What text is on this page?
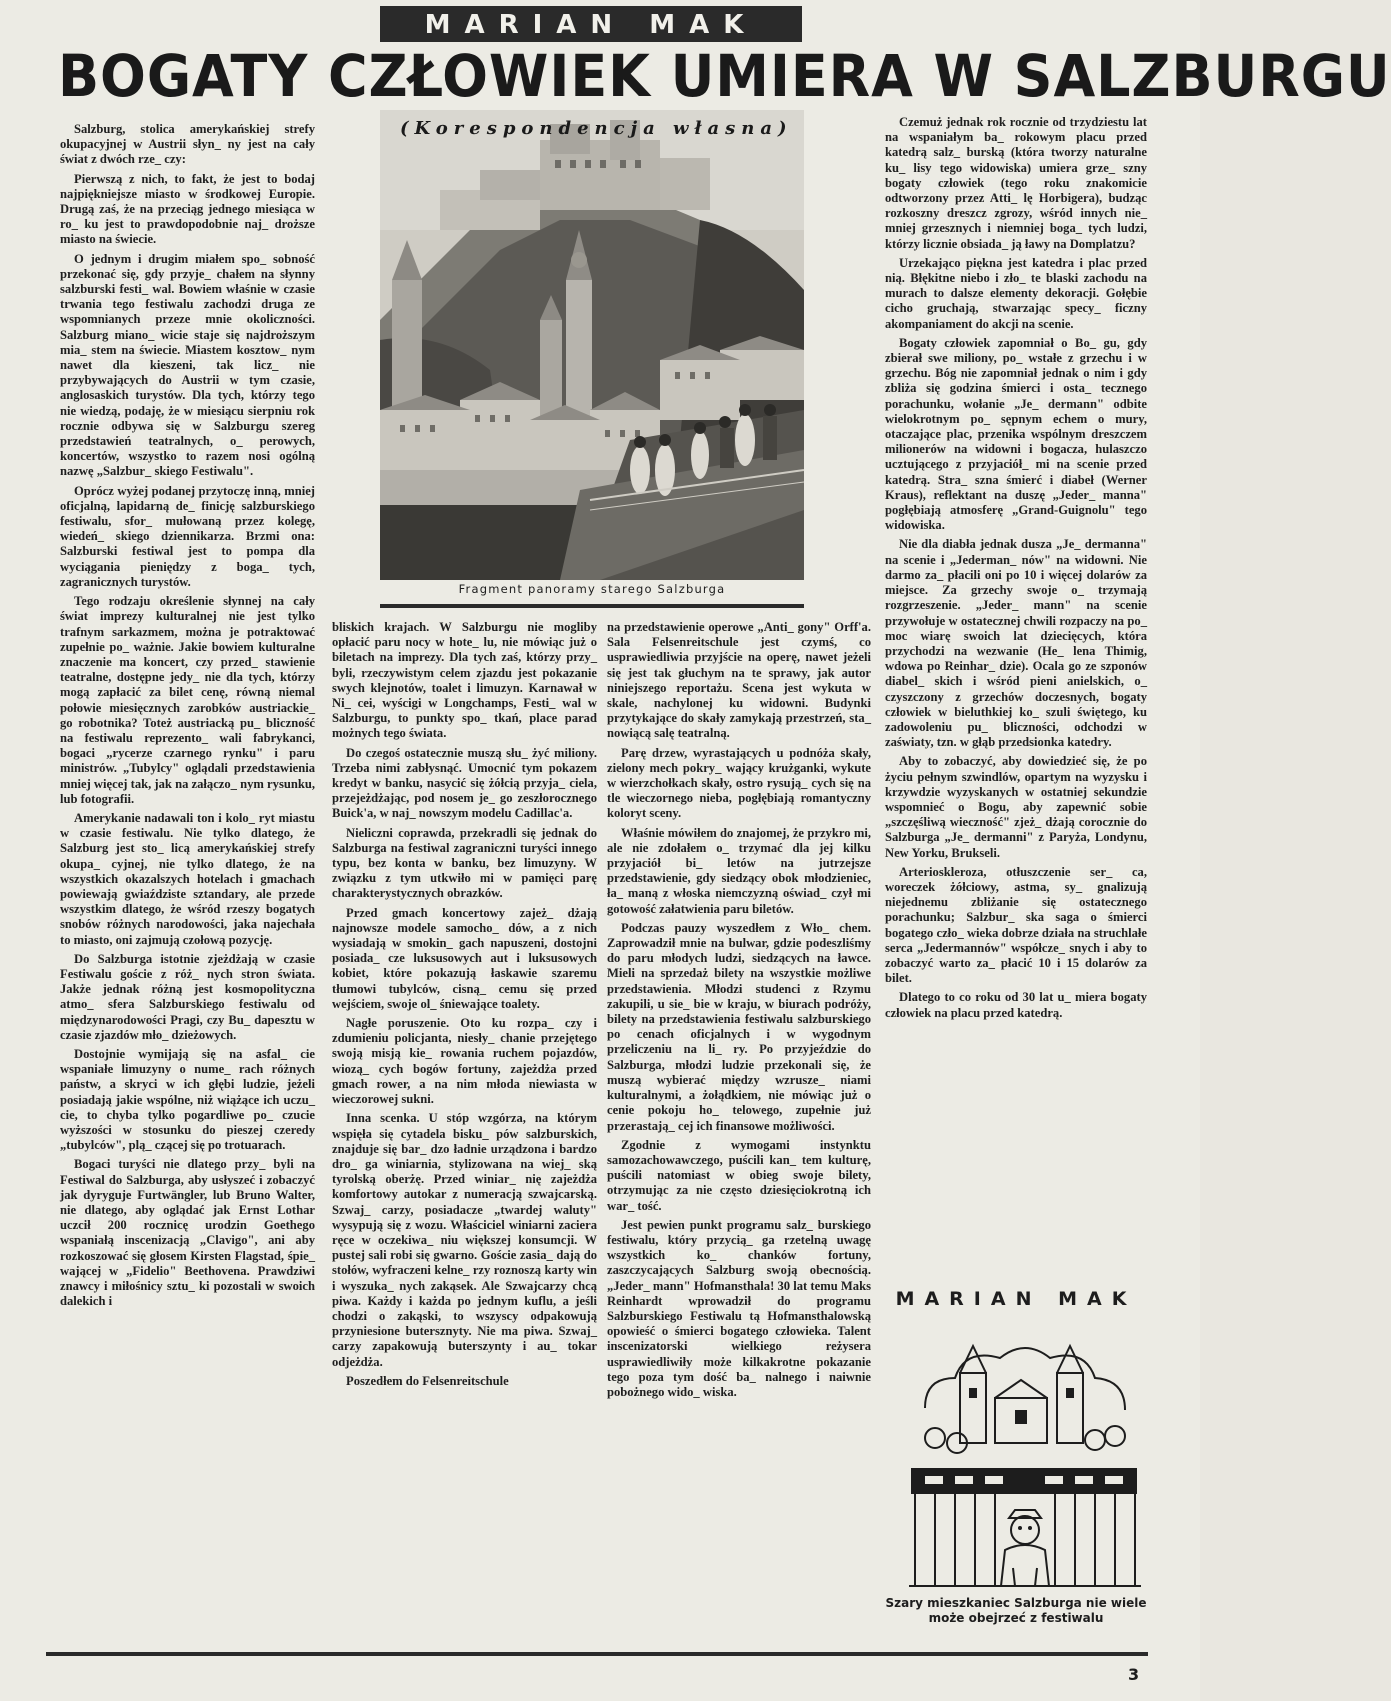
MARIAN MAK
BOGATY CZŁOWIEK UMIERA W SALZBURGU
(Korespondencja własna)
Fragment panoramy starego Salzburga

Salzburg, stolica amerykańskiej strefy okupacyjnej w Austrii słyn_ ny jest na cały świat z dwóch rze_ czy:

Pierwszą z nich, to fakt, że jest to bodaj najpiękniejsze miasto w środkowej Europie. Drugą zaś, że na przeciąg jednego miesiąca w ro_ ku jest to prawdopodobnie naj_ droższe miasto na świecie.

O jednym i drugim miałem spo_ sobność przekonać się, gdy przyje_ chałem na słynny salzburski festi_ wal. Bowiem właśnie w czasie trwania tego festiwalu zachodzi druga ze wspomnianych przeze mnie okoliczności. Salzburg miano_ wicie staje się najdroższym mia_ stem na świecie. Miastem kosztow_ nym nawet dla kieszeni, tak licz_ nie przybywających do Austrii w tym czasie, anglosaskich turystów. Dla tych, którzy tego nie wiedzą, podaję, że w miesiącu sierpniu rok rocznie odbywa się w Salzburgu szereg przedstawień teatralnych, o_ perowych, koncertów, wszystko to razem nosi ogólną nazwę „Salzbur_ skiego Festiwalu".

Oprócz wyżej podanej przytoczę inną, mniej oficjalną, lapidarną de_ finicję salzburskiego festiwalu, sfor_ mułowaną przez kolegę, wiedeń_ skiego dziennikarza. Brzmi ona: Salzburski festiwal jest to pompa dla wyciągania pieniędzy z boga_ tych, zagranicznych turystów.

Tego rodzaju określenie słynnej na cały świat imprezy kulturalnej nie jest tylko trafnym sarkazmem, można je potraktować zupełnie po_ ważnie. Jakie bowiem kulturalne znaczenie ma koncert, czy przed_ stawienie teatralne, dostępne jedy_ nie dla tych, którzy mogą zapłacić za bilet cenę, równą niemal połowie miesięcznych zarobków austriackie_ go robotnika? Toteż austriacką pu_ bliczność na festiwalu reprezento_ wali fabrykanci, bogaci „rycerze czarnego rynku" i paru ministrów. „Tubylcy" oglądali przedstawienia mniej więcej tak, jak na załączo_ nym rysunku, lub fotografii.

Amerykanie nadawali ton i kolo_ ryt miastu w czasie festiwalu. Nie tylko dlatego, że Salzburg jest sto_ licą amerykańskiej strefy okupa_ cyjnej, nie tylko dlatego, że na wszystkich okazalszych hotelach i gmachach powiewają gwiaździste sztandary, ale przede wszystkim dlatego, że wśród rzeszy bogatych snobów różnych narodowości, jaka najechała to miasto, oni zajmują czołową pozycję.

Do Salzburga istotnie zjeżdżają w czasie Festiwalu goście z róż_ nych stron świata. Jakże jednak różną jest kosmopolityczna atmo_ sfera Salzburskiego festiwalu od międzynarodowości Pragi, czy Bu_ dapesztu w czasie zjazdów mło_ dzieżowych.

Dostojnie wymijają się na asfal_ cie wspaniałe limuzyny o nume_ rach różnych państw, a skryci w ich głębi ludzie, jeżeli posiadają jakie wspólne, niż wiążące ich uczu_ cie, to chyba tylko pogardliwe po_ czucie wyższości w stosunku do pieszej czeredy „tubylców", plą_ czącej się po trotuarach.

Bogaci turyści nie dlatego przy_ byli na Festiwal do Salzburga, aby usłyszeć i zobaczyć jak dyryguje Furtwängler, lub Bruno Walter, nie dlatego, aby oglądać jak Ernst Lothar uczcił 200 rocznicę urodzin Goethego wspaniałą inscenizacją „Clavigo", ani aby rozkoszować się głosem Kirsten Flagstad, śpie_ wającej w „Fidelio" Beethovena. Prawdziwi znawcy i miłośnicy sztu_ ki pozostali w swoich dalekich i

bliskich krajach. W Salzburgu nie mogliby opłacić paru nocy w hote_ lu, nie mówiąc już o biletach na imprezy. Dla tych zaś, którzy przy_ byli, rzeczywistym celem zjazdu jest pokazanie swych klejnotów, toalet i limuzyn. Karnawał w Ni_ cei, wyścigi w Longchamps, Festi_ wal w Salzburgu, to punkty spo_ tkań, place parad możnych tego świata.

Do czegoś ostatecznie muszą słu_ żyć miliony. Trzeba nimi zabłysnąć. Umocnić tym pokazem kredyt w banku, nasycić się żółcią przyja_ ciela, przejeżdżając, pod nosem je_ go zeszłorocznego Buick'a, w naj_ nowszym modelu Cadillac'a.

Nieliczni coprawda, przekradli się jednak do Salzburga na festiwal zagraniczni turyści innego typu, bez konta w banku, bez limuzyny. W związku z tym utkwiło mi w pamięci parę charakterystycznych obrazków.

Przed gmach koncertowy zajeż_ dżają najnowsze modele samocho_ dów, a z nich wysiadają w smokin_ gach napuszeni, dostojni posiada_ cze luksusowych aut i luksusowych kobiet, które pokazują łaskawie szaremu tłumowi tubylców, cisną_ cemu się przed wejściem, swoje ol_ śniewające toalety.

Nagłe poruszenie. Oto ku rozpa_ czy i zdumieniu policjanta, niesły_ chanie przejętego swoją misją kie_ rowania ruchem pojazdów, wiozą_ cych bogów fortuny, zajeżdża przed gmach rower, a na nim młoda niewiasta w wieczorowej sukni.

Inna scenka. U stóp wzgórza, na którym wspięła się cytadela bisku_ pów salzburskich, znajduje się bar_ dzo ładnie urządzona i bardzo dro_ ga winiarnia, stylizowana na wiej_ ską tyrolską oberżę. Przed winiar_ nię zajeżdża komfortowy autokar z numeracją szwajcarską. Szwaj_ carzy, posiadacze „twardej waluty" wysypują się z wozu. Właściciel winiarni zaciera ręce w oczekiwa_ niu większej konsumcji. W pustej sali robi się gwarno. Goście zasia_ dają do stołów, wyfraczeni kelne_ rzy roznoszą karty win i wyszuka_ nych zakąsek. Ale Szwajcarzy chcą piwa. Każdy i każda po jednym kuflu, a jeśli chodzi o zakąski, to wszyscy odpakowują przyniesione butersznyty. Nie ma piwa. Szwaj_ carzy zapakowują buterszynty i au_ tokar odjeżdża.

Poszedłem do Felsenreitschule

na przedstawienie operowe „Anti_ gony" Orff'a. Sala Felsenreitschule jest czymś, co usprawiedliwia przyjście na operę, nawet jeżeli się jest tak głuchym na te sprawy, jak autor niniejszego reportażu. Scena jest wykuta w skale, nachylonej ku widowni. Budynki przytykające do skały zamykają przestrzeń, sta_ nowiącą salę teatralną.

Parę drzew, wyrastających u podnóża skały, zielony mech pokry_ wający krużganki, wykute w wierzchołkach skały, ostro rysują_ cych się na tle wieczornego nieba, pogłębiają romantyczny koloryt sceny.

Właśnie mówiłem do znajomej, że przykro mi, ale nie zdołałem o_ trzymać dla jej kilku przyjaciół bi_ letów na jutrzejsze przedstawienie, gdy siedzący obok młodzieniec, ła_ maną z włoska niemczyzną oświad_ czył mi gotowość załatwienia paru biletów.

Podczas pauzy wyszedłem z Wło_ chem. Zaprowadził mnie na bulwar, gdzie podeszliśmy do paru młodych ludzi, siedzących na ławce. Mieli na sprzedaż bilety na wszystkie możliwe przedstawienia. Młodzi studenci z Rzymu zakupili, u sie_ bie w kraju, w biurach podróży, bilety na przedstawienia festiwalu salzburskiego po cenach oficjalnych i w wygodnym przeliczeniu na li_ ry. Po przyjeździe do Salzburga, młodzi ludzie przekonali się, że muszą wybierać między wzrusze_ niami kulturalnymi, a żołądkiem, nie mówiąc już o cenie pokoju ho_ telowego, zupełnie już przerastają_ cej ich finansowe możliwości.

Zgodnie z wymogami instynktu samozachowawczego, puścili kan_ tem kulturę, puścili natomiast w obieg swoje bilety, otrzymując za nie często dziesięciokrotną ich war_ tość.

Jest pewien punkt programu salz_ burskiego festiwalu, który przycią_ ga rzetelną uwagę wszystkich ko_ chanków fortuny, zaszczycających Salzburg swoją obecnością. „Jeder_ mann" Hofmansthala! 30 lat temu Maks Reinhardt wprowadził do programu Salzburskiego Festiwalu tą Hofmansthalowską opowieść o śmierci bogatego człowieka. Talent inscenizatorski wielkiego reżysera usprawiedliwiły może kilkakrotne pokazanie tego poza tym dość ba_ nalnego i naiwnie pobożnego wido_ wiska.

Czemuż jednak rok rocznie od trzydziestu lat na wspaniałym ba_ rokowym placu przed katedrą salz_ burską (która tworzy naturalne ku_ lisy tego widowiska) umiera grze_ szny bogaty człowiek (tego roku znakomicie odtworzony przez Atti_ lę Horbigera), budząc rozkoszny dreszcz zgrozy, wśród innych nie_ mniej grzesznych i niemniej boga_ tych ludzi, którzy licznie obsiada_ ją ławy na Domplatzu?

Urzekająco piękna jest katedra i plac przed nią. Błękitne niebo i zło_ te blaski zachodu na murach to dalsze elementy dekoracji. Gołębie cicho gruchają, stwarzając specy_ ficzny akompaniament do akcji na scenie.

Bogaty człowiek zapomniał o Bo_ gu, gdy zbierał swe miliony, po_ wstałe z grzechu i w grzechu. Bóg nie zapomniał jednak o nim i gdy zbliża się godzina śmierci i osta_ tecznego porachunku, wołanie „Je_ dermann" odbite wielokrotnym po_ sępnym echem o mury, otaczające plac, przenika wspólnym dreszczem milionerów na widowni i bogacza, hulaszczo ucztującego z przyjaciół_ mi na scenie przed katedrą. Stra_ szna śmierć i diabeł (Werner Kraus), reflektant na duszę „Jeder_ manna" pogłębiają atmosferę „Grand-Guignolu" tego widowiska.

Nie dla diabła jednak dusza „Je_ dermanna" na scenie i „Jederman_ nów" na widowni. Nie darmo za_ płacili oni po 10 i więcej dolarów za miejsce. Za grzechy swoje o_ trzymają rozgrzeszenie. „Jeder_ mann" na scenie przywołuje w ostatecznej chwili rozpaczy na po_ moc wiarę swoich lat dziecięcych, która przychodzi na wezwanie (He_ lena Thimig, wdowa po Reinhar_ dzie). Ocala go ze szponów diabel_ skich i wśród pieni anielskich, o_ czyszczony z grzechów doczesnych, bogaty człowiek w bieluthkiej ko_ szuli świętego, ku zadowoleniu pu_ bliczności, odchodzi w zaświaty, tzn. w głąb przedsionka katedry.

Aby to zobaczyć, aby dowiedzieć się, że po życiu pełnym szwindlów, opartym na wyzysku i krzywdzie wyzyskanych w ostatniej sekundzie wspomnieć o Bogu, aby zapewnić sobie „szczęśliwą wieczność" zjeż_ dżają corocznie do Salzburga „Je_ dermanni" z Paryża, Londynu, New Yorku, Brukseli.

Arterioskleroza, otłuszczenie ser_ ca, woreczek żółciowy, astma, sy_ gnalizują niejednemu zbliżanie się ostatecznego porachunku; Salzbur_ ska saga o śmierci bogatego czło_ wieka dobrze działa na struchlałe serca „Jedermannów" współcze_ snych i aby to zobaczyć warto za_ płacić 10 i 15 dolarów za bilet.

Dlatego to co roku od 30 lat u_ miera bogaty człowiek na placu przed katedrą.

MARIAN MAK
Szary mieszkaniec Salzburga nie wiele może obejrzeć z festiwalu
3
